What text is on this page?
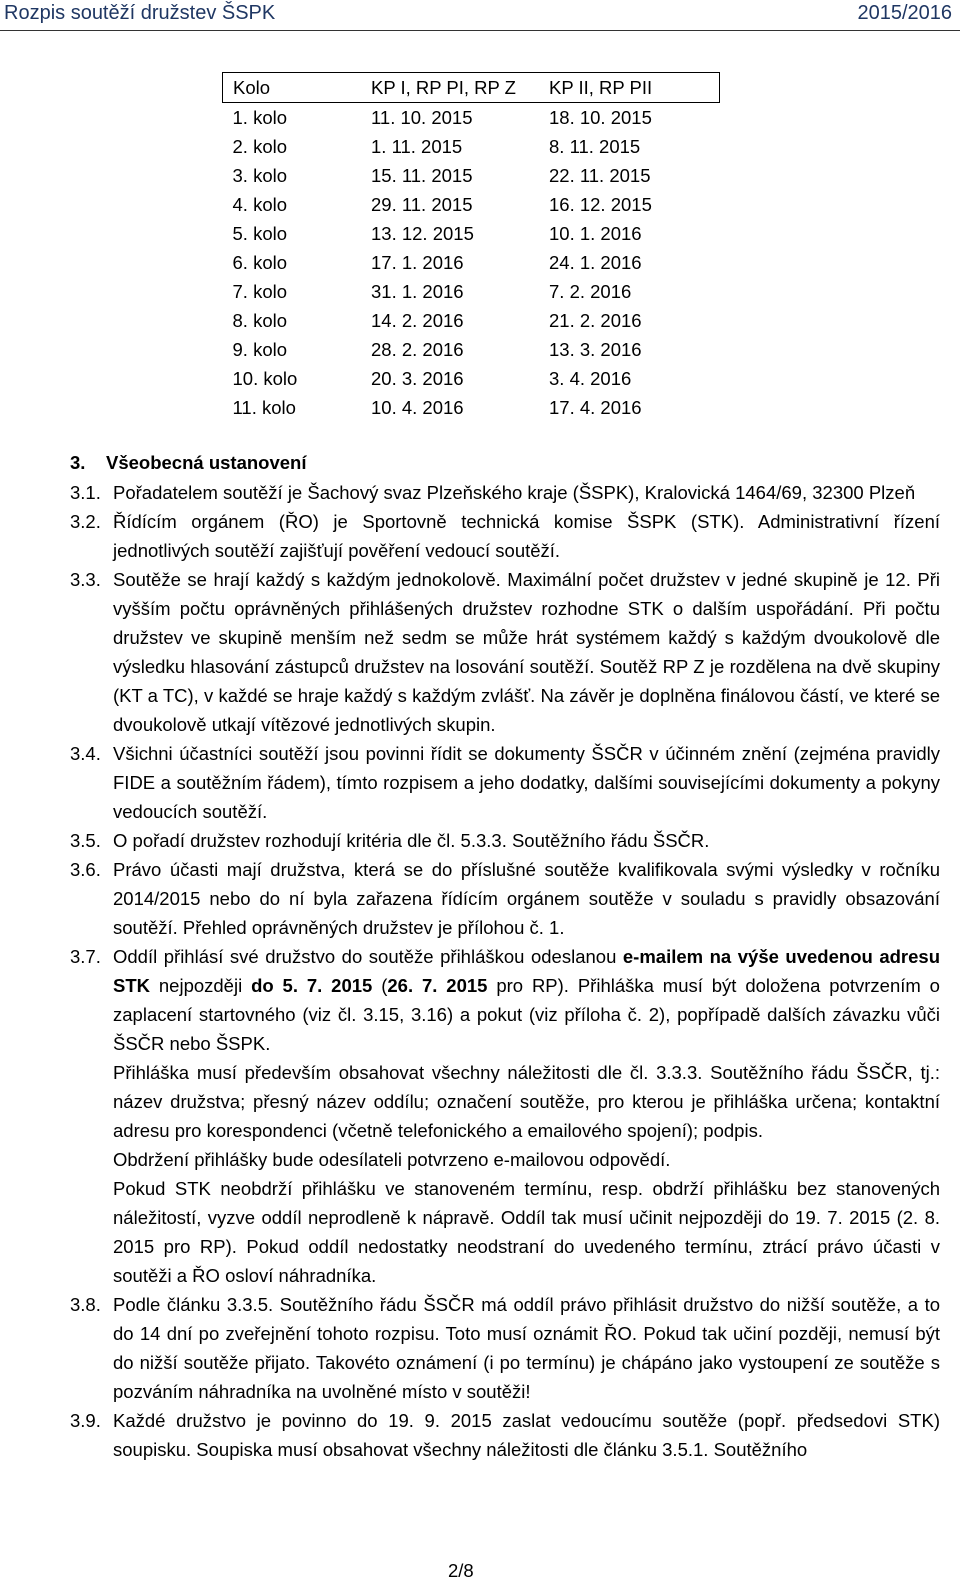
Rozpis soutěží družstev ŠSPK	2015/2016
Kolo	KP I, RP PI, RP Z	KP II, RP PII
1. kolo	11. 10. 2015	18. 10. 2015
2. kolo	1. 11. 2015	8. 11. 2015
3. kolo	15. 11. 2015	22. 11. 2015
4. kolo	29. 11. 2015	16. 12. 2015
5. kolo	13. 12. 2015	10. 1. 2016
6. kolo	17. 1. 2016	24. 1. 2016
7. kolo	31. 1. 2016	7. 2. 2016
8. kolo	14. 2. 2016	21. 2. 2016
9. kolo	28. 2. 2016	13. 3. 2016
10. kolo	20. 3. 2016	3. 4. 2016
11. kolo	10. 4. 2016	17. 4. 2016
3. Všeobecná ustanovení
3.1. Pořadatelem soutěží je Šachový svaz Plzeňského kraje (ŠSPK), Kralovická 1464/69, 32300 Plzeň
3.2. Řídícím orgánem (ŘO) je Sportovně technická komise ŠSPK (STK). Administrativní řízení jednotlivých soutěží zajišťují pověření vedoucí soutěží.
3.3. Soutěže se hrají každý s každým jednokolově. Maximální počet družstev v jedné skupině je 12. Při vyšším počtu oprávněných přihlášených družstev rozhodne STK o dalším uspořádání. Při počtu družstev ve skupině menším než sedm se může hrát systémem každý s každým dvoukolově dle výsledku hlasování zástupců družstev na losování soutěží. Soutěž RP Z je rozdělena na dvě skupiny (KT a TC), v každé se hraje každý s každým zvlášť. Na závěr je doplněna finálovou částí, ve které se dvoukolově utkají vítězové jednotlivých skupin.
3.4. Všichni účastníci soutěží jsou povinni řídit se dokumenty ŠSČR v účinném znění (zejména pravidly FIDE a soutěžním řádem), tímto rozpisem a jeho dodatky, dalšími souvisejícími dokumenty a pokyny vedoucích soutěží.
3.5. O pořadí družstev rozhodují kritéria dle čl. 5.3.3. Soutěžního řádu ŠSČR.
3.6. Právo účasti mají družstva, která se do příslušné soutěže kvalifikovala svými výsledky v ročníku 2014/2015 nebo do ní byla zařazena řídícím orgánem soutěže v souladu s pravidly obsazování soutěží. Přehled oprávněných družstev je přílohou č. 1.
3.7. Oddíl přihlásí své družstvo do soutěže přihláškou odeslanou e-mailem na výše uvedenou adresu STK nejpozději do 5. 7. 2015 (26. 7. 2015 pro RP). Přihláška musí být doložena potvrzením o zaplacení startovného (viz čl. 3.15, 3.16) a pokut (viz příloha č. 2), popřípadě dalších závazku vůči ŠSČR nebo ŠSPK.
Přihláška musí především obsahovat všechny náležitosti dle čl. 3.3.3. Soutěžního řádu ŠSČR, tj.: název družstva; přesný název oddílu; označení soutěže, pro kterou je přihláška určena; kontaktní adresu pro korespondenci (včetně telefonického a emailového spojení); podpis.
Obdržení přihlášky bude odesílateli potvrzeno e-mailovou odpovědí.
Pokud STK neobdrží přihlášku ve stanoveném termínu, resp. obdrží přihlášku bez stanovených náležitostí, vyzve oddíl neprodleně k nápravě. Oddíl tak musí učinit nejpozději do 19. 7. 2015 (2. 8. 2015 pro RP). Pokud oddíl nedostatky neodstraní do uvedeného termínu, ztrácí právo účasti v soutěži a ŘO osloví náhradníka.
3.8. Podle článku 3.3.5. Soutěžního řádu ŠSČR má oddíl právo přihlásit družstvo do nižší soutěže, a to do 14 dní po zveřejnění tohoto rozpisu. Toto musí oznámit ŘO. Pokud tak učiní později, nemusí být do nižší soutěže přijato. Takovéto oznámení (i po termínu) je chápáno jako vystoupení ze soutěže s pozváním náhradníka na uvolněné místo v soutěži!
3.9. Každé družstvo je povinno do 19. 9. 2015 zaslat vedoucímu soutěže (popř. předsedovi STK) soupisku. Soupiska musí obsahovat všechny náležitosti dle článku 3.5.1. Soutěžního
2/8
